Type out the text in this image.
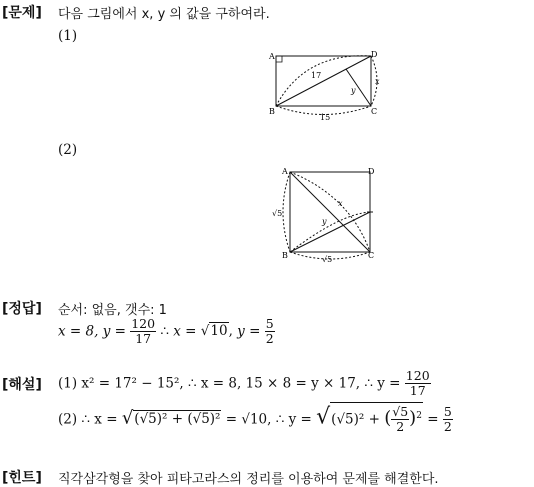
[문제] 다음 그림에서 x, y 의 값을 구하여라.
(1)
A
B	C
D
17
15
x
y
(2)
A
B	C
D
√5
√5
x
y
[정답] 순서: 없음, 갯수: 1
x = 8, $y = \frac{120}{17}$ ∴ x = √10, $y = \frac{5}{2}$
[해설] (1) x² = 17² − 15², ∴ x = 8, 15 × 8 = y × 17, ∴ $y = \frac{120}{17}$
(2) ∴ x = √(√5)² + (√5)² = √10, ∴ y = √(√5)² + ( $\frac{√5}{2} )^2 = \frac{5}{2}$
[힌트] 직각삼각형을 찾아 피타고라스의 정리를 이용하여 문제를 해결한다.
